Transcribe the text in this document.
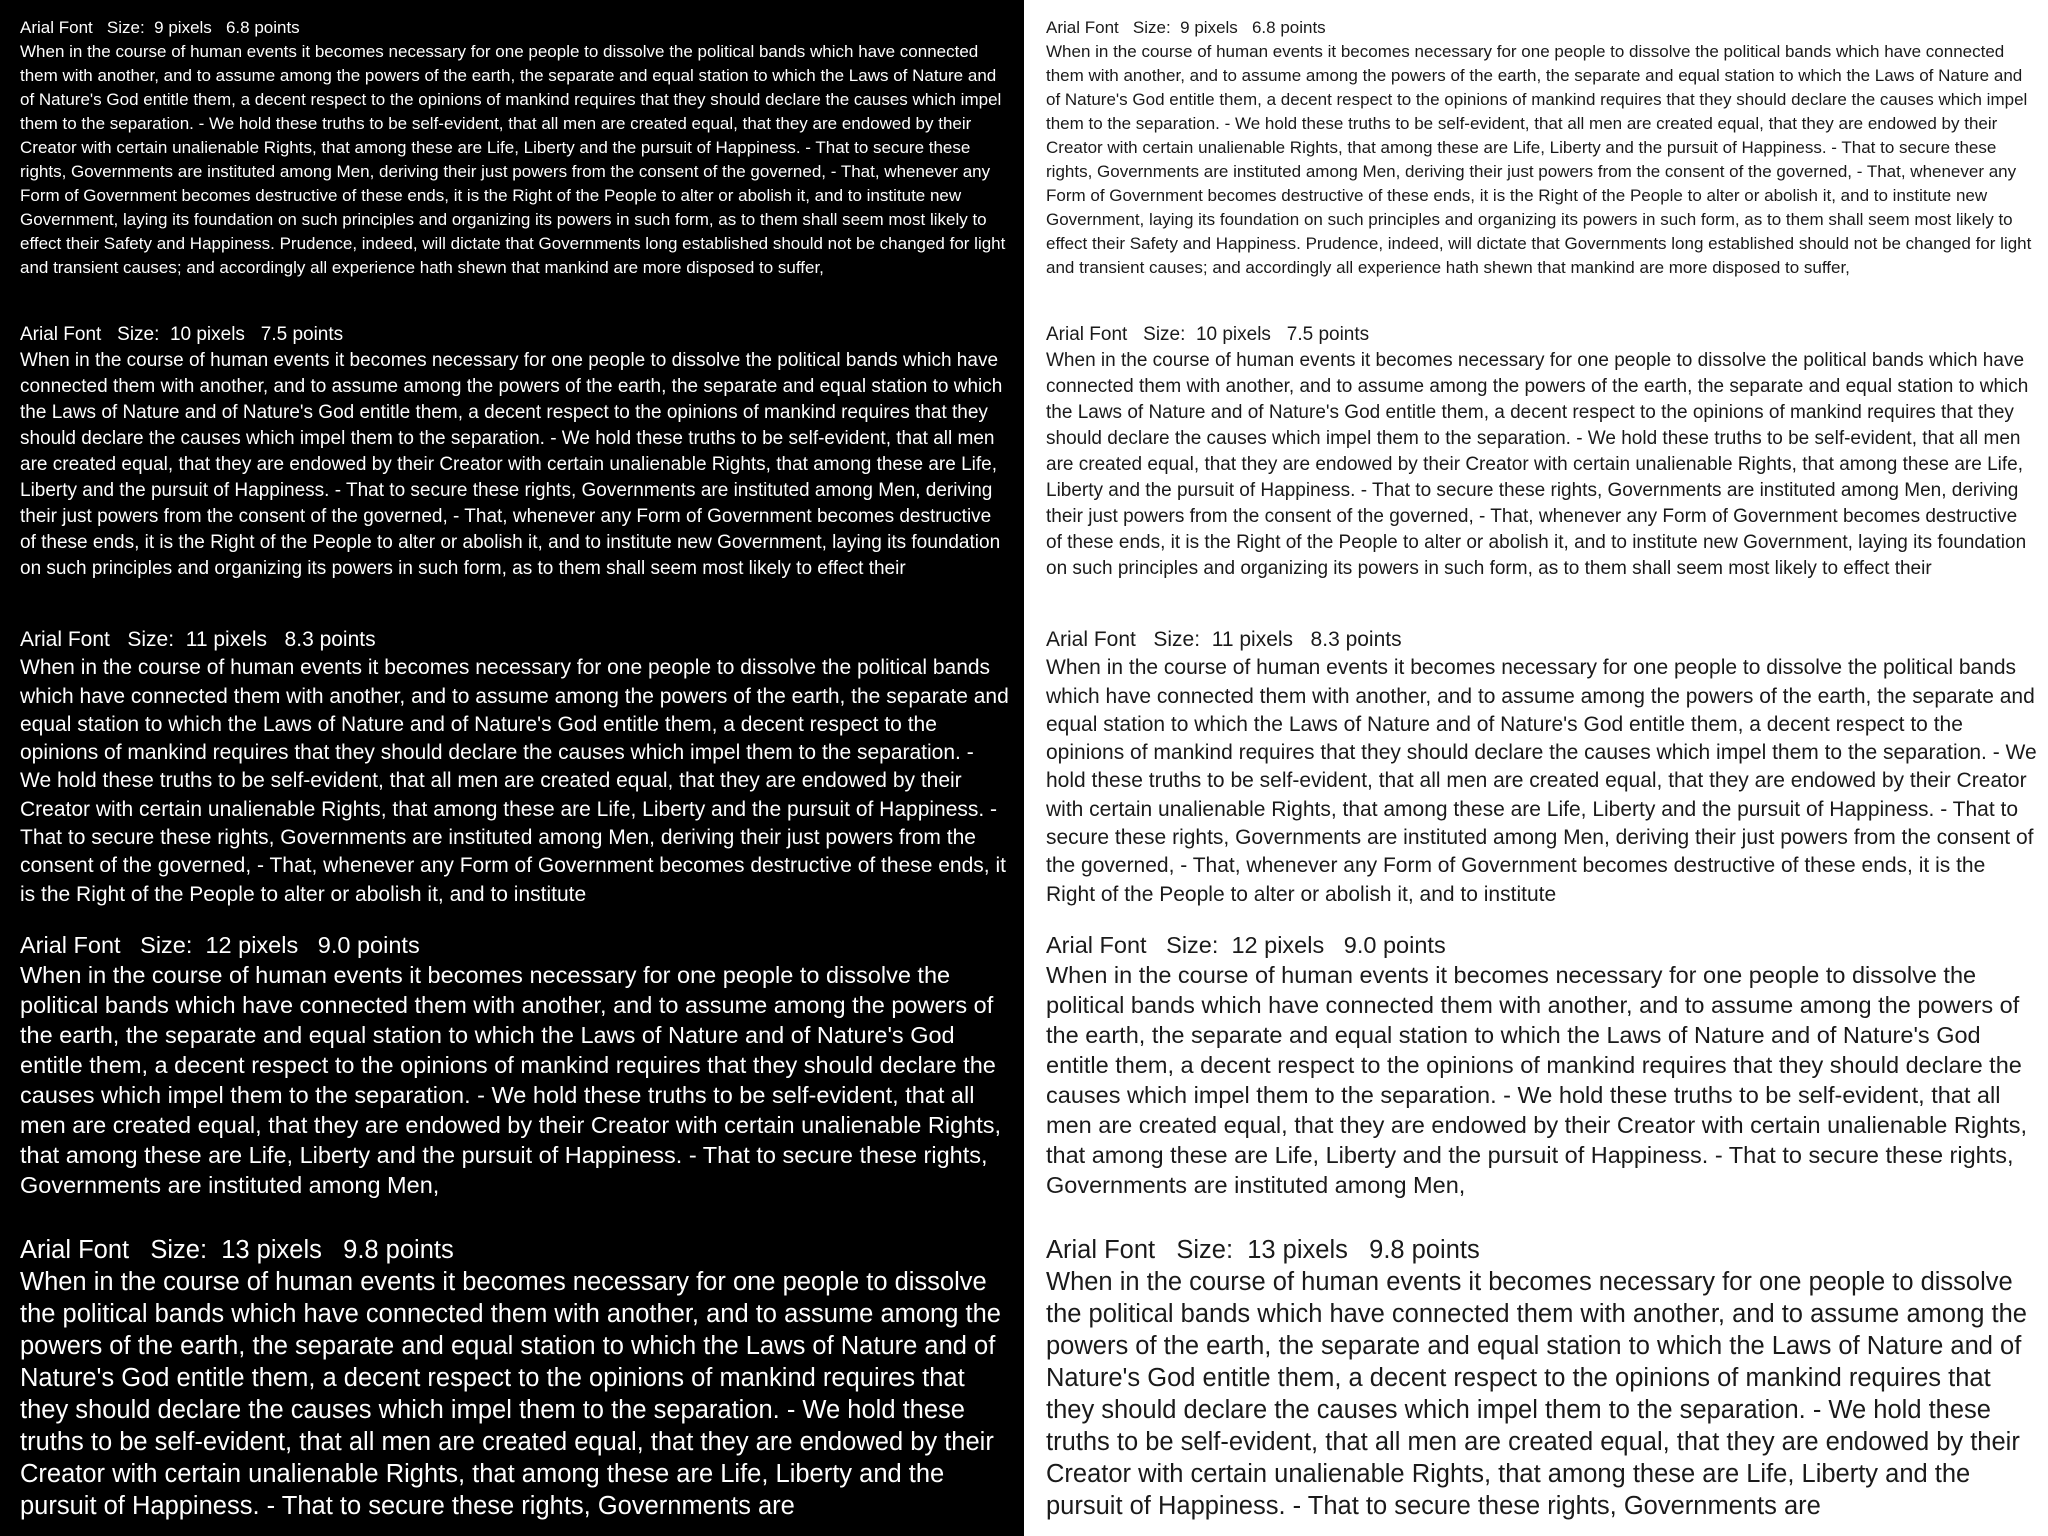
Arial Font   Size:  9 pixels   6.8 points

When in the course of human events it becomes necessary for one people to dissolve the political bands which have connected them with another, and to assume among the powers of the earth, the separate and equal station to which the Laws of Nature and of Nature's God entitle them, a decent respect to the opinions of mankind requires that they should declare the causes which impel them to the separation. - We hold these truths to be self-evident, that all men are created equal, that they are endowed by their Creator with certain unalienable Rights, that among these are Life, Liberty and the pursuit of Happiness. - That to secure these rights, Governments are instituted among Men, deriving their just powers from the consent of the governed, - That, whenever any Form of Government becomes destructive of these ends, it is the Right of the People to alter or abolish it, and to institute new Government, laying its foundation on such principles and organizing its powers in such form, as to them shall seem most likely to effect their Safety and Happiness. Prudence, indeed, will dictate that Governments long established should not be changed for light and transient causes; and accordingly all experience hath shewn that mankind are more disposed to suffer,

Arial Font   Size:  10 pixels   7.5 points

When in the course of human events it becomes necessary for one people to dissolve the political bands which have connected them with another, and to assume among the powers of the earth, the separate and equal station to which the Laws of Nature and of Nature's God entitle them, a decent respect to the opinions of mankind requires that they should declare the causes which impel them to the separation. - We hold these truths to be self-evident, that all men are created equal, that they are endowed by their Creator with certain unalienable Rights, that among these are Life, Liberty and the pursuit of Happiness. - That to secure these rights, Governments are instituted among Men, deriving their just powers from the consent of the governed, - That, whenever any Form of Government becomes destructive of these ends, it is the Right of the People to alter or abolish it, and to institute new Government, laying its foundation on such principles and organizing its powers in such form, as to them shall seem most likely to effect their

Arial Font   Size:  11 pixels   8.3 points

When in the course of human events it becomes necessary for one people to dissolve the political bands which have connected them with another, and to assume among the powers of the earth, the separate and equal station to which the Laws of Nature and of Nature's God entitle them, a decent respect to the opinions of mankind requires that they should declare the causes which impel them to the separation. - We hold these truths to be self-evident, that all men are created equal, that they are endowed by their Creator with certain unalienable Rights, that among these are Life, Liberty and the pursuit of Happiness. - That to secure these rights, Governments are instituted among Men, deriving their just powers from the consent of the governed, - That, whenever any Form of Government becomes destructive of these ends, it is the Right of the People to alter or abolish it, and to institute

Arial Font   Size:  12 pixels   9.0 points

When in the course of human events it becomes necessary for one people to dissolve the political bands which have connected them with another, and to assume among the powers of the earth, the separate and equal station to which the Laws of Nature and of Nature's God entitle them, a decent respect to the opinions of mankind requires that they should declare the causes which impel them to the separation. - We hold these truths to be self-evident, that all men are created equal, that they are endowed by their Creator with certain unalienable Rights, that among these are Life, Liberty and the pursuit of Happiness. - That to secure these rights, Governments are instituted among Men,

Arial Font   Size:  13 pixels   9.8 points

When in the course of human events it becomes necessary for one people to dissolve the political bands which have connected them with another, and to assume among the powers of the earth, the separate and equal station to which the Laws of Nature and of Nature's God entitle them, a decent respect to the opinions of mankind requires that they should declare the causes which impel them to the separation. - We hold these truths to be self-evident, that all men are created equal, that they are endowed by their Creator with certain unalienable Rights, that among these are Life, Liberty and the pursuit of Happiness. - That to secure these rights, Governments are

Arial Font   Size:  9 pixels   6.8 points

When in the course of human events it becomes necessary for one people to dissolve the political bands which have connected them with another, and to assume among the powers of the earth, the separate and equal station to which the Laws of Nature and of Nature's God entitle them, a decent respect to the opinions of mankind requires that they should declare the causes which impel them to the separation. - We hold these truths to be self-evident, that all men are created equal, that they are endowed by their Creator with certain unalienable Rights, that among these are Life, Liberty and the pursuit of Happiness. - That to secure these rights, Governments are instituted among Men, deriving their just powers from the consent of the governed, - That, whenever any Form of Government becomes destructive of these ends, it is the Right of the People to alter or abolish it, and to institute new Government, laying its foundation on such principles and organizing its powers in such form, as to them shall seem most likely to effect their Safety and Happiness. Prudence, indeed, will dictate that Governments long established should not be changed for light and transient causes; and accordingly all experience hath shewn that mankind are more disposed to suffer,

Arial Font   Size:  10 pixels   7.5 points

When in the course of human events it becomes necessary for one people to dissolve the political bands which have connected them with another, and to assume among the powers of the earth, the separate and equal station to which the Laws of Nature and of Nature's God entitle them, a decent respect to the opinions of mankind requires that they should declare the causes which impel them to the separation. - We hold these truths to be self-evident, that all men are created equal, that they are endowed by their Creator with certain unalienable Rights, that among these are Life, Liberty and the pursuit of Happiness. - That to secure these rights, Governments are instituted among Men, deriving their just powers from the consent of the governed, - That, whenever any Form of Government becomes destructive of these ends, it is the Right of the People to alter or abolish it, and to institute new Government, laying its foundation on such principles and organizing its powers in such form, as to them shall seem most likely to effect their

Arial Font   Size:  11 pixels   8.3 points

When in the course of human events it becomes necessary for one people to dissolve the political bands which have connected them with another, and to assume among the powers of the earth, the separate and equal station to which the Laws of Nature and of Nature's God entitle them, a decent respect to the opinions of mankind requires that they should declare the causes which impel them to the separation. - We hold these truths to be self-evident, that all men are created equal, that they are endowed by their Creator with certain unalienable Rights, that among these are Life, Liberty and the pursuit of Happiness. - That to secure these rights, Governments are instituted among Men, deriving their just powers from the consent of the governed, - That, whenever any Form of Government becomes destructive of these ends, it is the Right of the People to alter or abolish it, and to institute

Arial Font   Size:  12 pixels   9.0 points

When in the course of human events it becomes necessary for one people to dissolve the political bands which have connected them with another, and to assume among the powers of the earth, the separate and equal station to which the Laws of Nature and of Nature's God entitle them, a decent respect to the opinions of mankind requires that they should declare the causes which impel them to the separation. - We hold these truths to be self-evident, that all men are created equal, that they are endowed by their Creator with certain unalienable Rights, that among these are Life, Liberty and the pursuit of Happiness. - That to secure these rights, Governments are instituted among Men,

Arial Font   Size:  13 pixels   9.8 points

When in the course of human events it becomes necessary for one people to dissolve the political bands which have connected them with another, and to assume among the powers of the earth, the separate and equal station to which the Laws of Nature and of Nature's God entitle them, a decent respect to the opinions of mankind requires that they should declare the causes which impel them to the separation. - We hold these truths to be self-evident, that all men are created equal, that they are endowed by their Creator with certain unalienable Rights, that among these are Life, Liberty and the pursuit of Happiness. - That to secure these rights, Governments are
